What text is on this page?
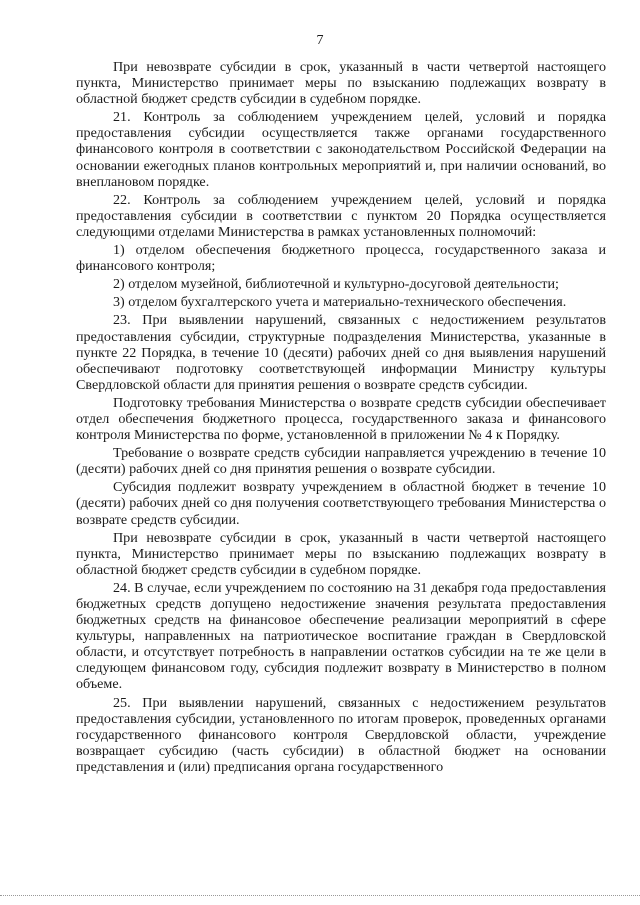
7

При невозврате субсидии в срок, указанный в части четвертой настоящего пункта, Министерство принимает меры по взысканию подлежащих возврату в областной бюджет средств субсидии в судебном порядке.

21. Контроль за соблюдением учреждением целей, условий и порядка предоставления субсидии осуществляется также органами государственного финансового контроля в соответствии с законодательством Российской Федерации на основании ежегодных планов контрольных мероприятий и, при наличии оснований, во внеплановом порядке.

22. Контроль за соблюдением учреждением целей, условий и порядка предоставления субсидии в соответствии с пунктом 20 Порядка осуществляется следующими отделами Министерства в рамках установленных полномочий:

1) отделом обеспечения бюджетного процесса, государственного заказа и финансового контроля;

2) отделом музейной, библиотечной и культурно-досуговой деятельности;

3) отделом бухгалтерского учета и материально-технического обеспечения.

23. При выявлении нарушений, связанных с недостижением результатов предоставления субсидии, структурные подразделения Министерства, указанные в пункте 22 Порядка, в течение 10 (десяти) рабочих дней со дня выявления нарушений обеспечивают подготовку соответствующей информации Министру культуры Свердловской области для принятия решения о возврате средств субсидии.

Подготовку требования Министерства о возврате средств субсидии обеспечивает отдел обеспечения бюджетного процесса, государственного заказа и финансового контроля Министерства по форме, установленной в приложении № 4 к Порядку.

Требование о возврате средств субсидии направляется учреждению в течение 10 (десяти) рабочих дней со дня принятия решения о возврате субсидии.

Субсидия подлежит возврату учреждением в областной бюджет в течение 10 (десяти) рабочих дней со дня получения соответствующего требования Министерства о возврате средств субсидии.

При невозврате субсидии в срок, указанный в части четвертой настоящего пункта, Министерство принимает меры по взысканию подлежащих возврату в областной бюджет средств субсидии в судебном порядке.

24. В случае, если учреждением по состоянию на 31 декабря года предоставления бюджетных средств допущено недостижение значения результата предоставления бюджетных средств на финансовое обеспечение реализации мероприятий в сфере культуры, направленных на патриотическое воспитание граждан в Свердловской области, и отсутствует потребность в направлении остатков субсидии на те же цели в следующем финансовом году, субсидия подлежит возврату в Министерство в полном объеме.

25. При выявлении нарушений, связанных с недостижением результатов предоставления субсидии, установленного по итогам проверок, проведенных органами государственного финансового контроля Свердловской области, учреждение возвращает субсидию (часть субсидии) в областной бюджет на основании представления и (или) предписания органа государственного
